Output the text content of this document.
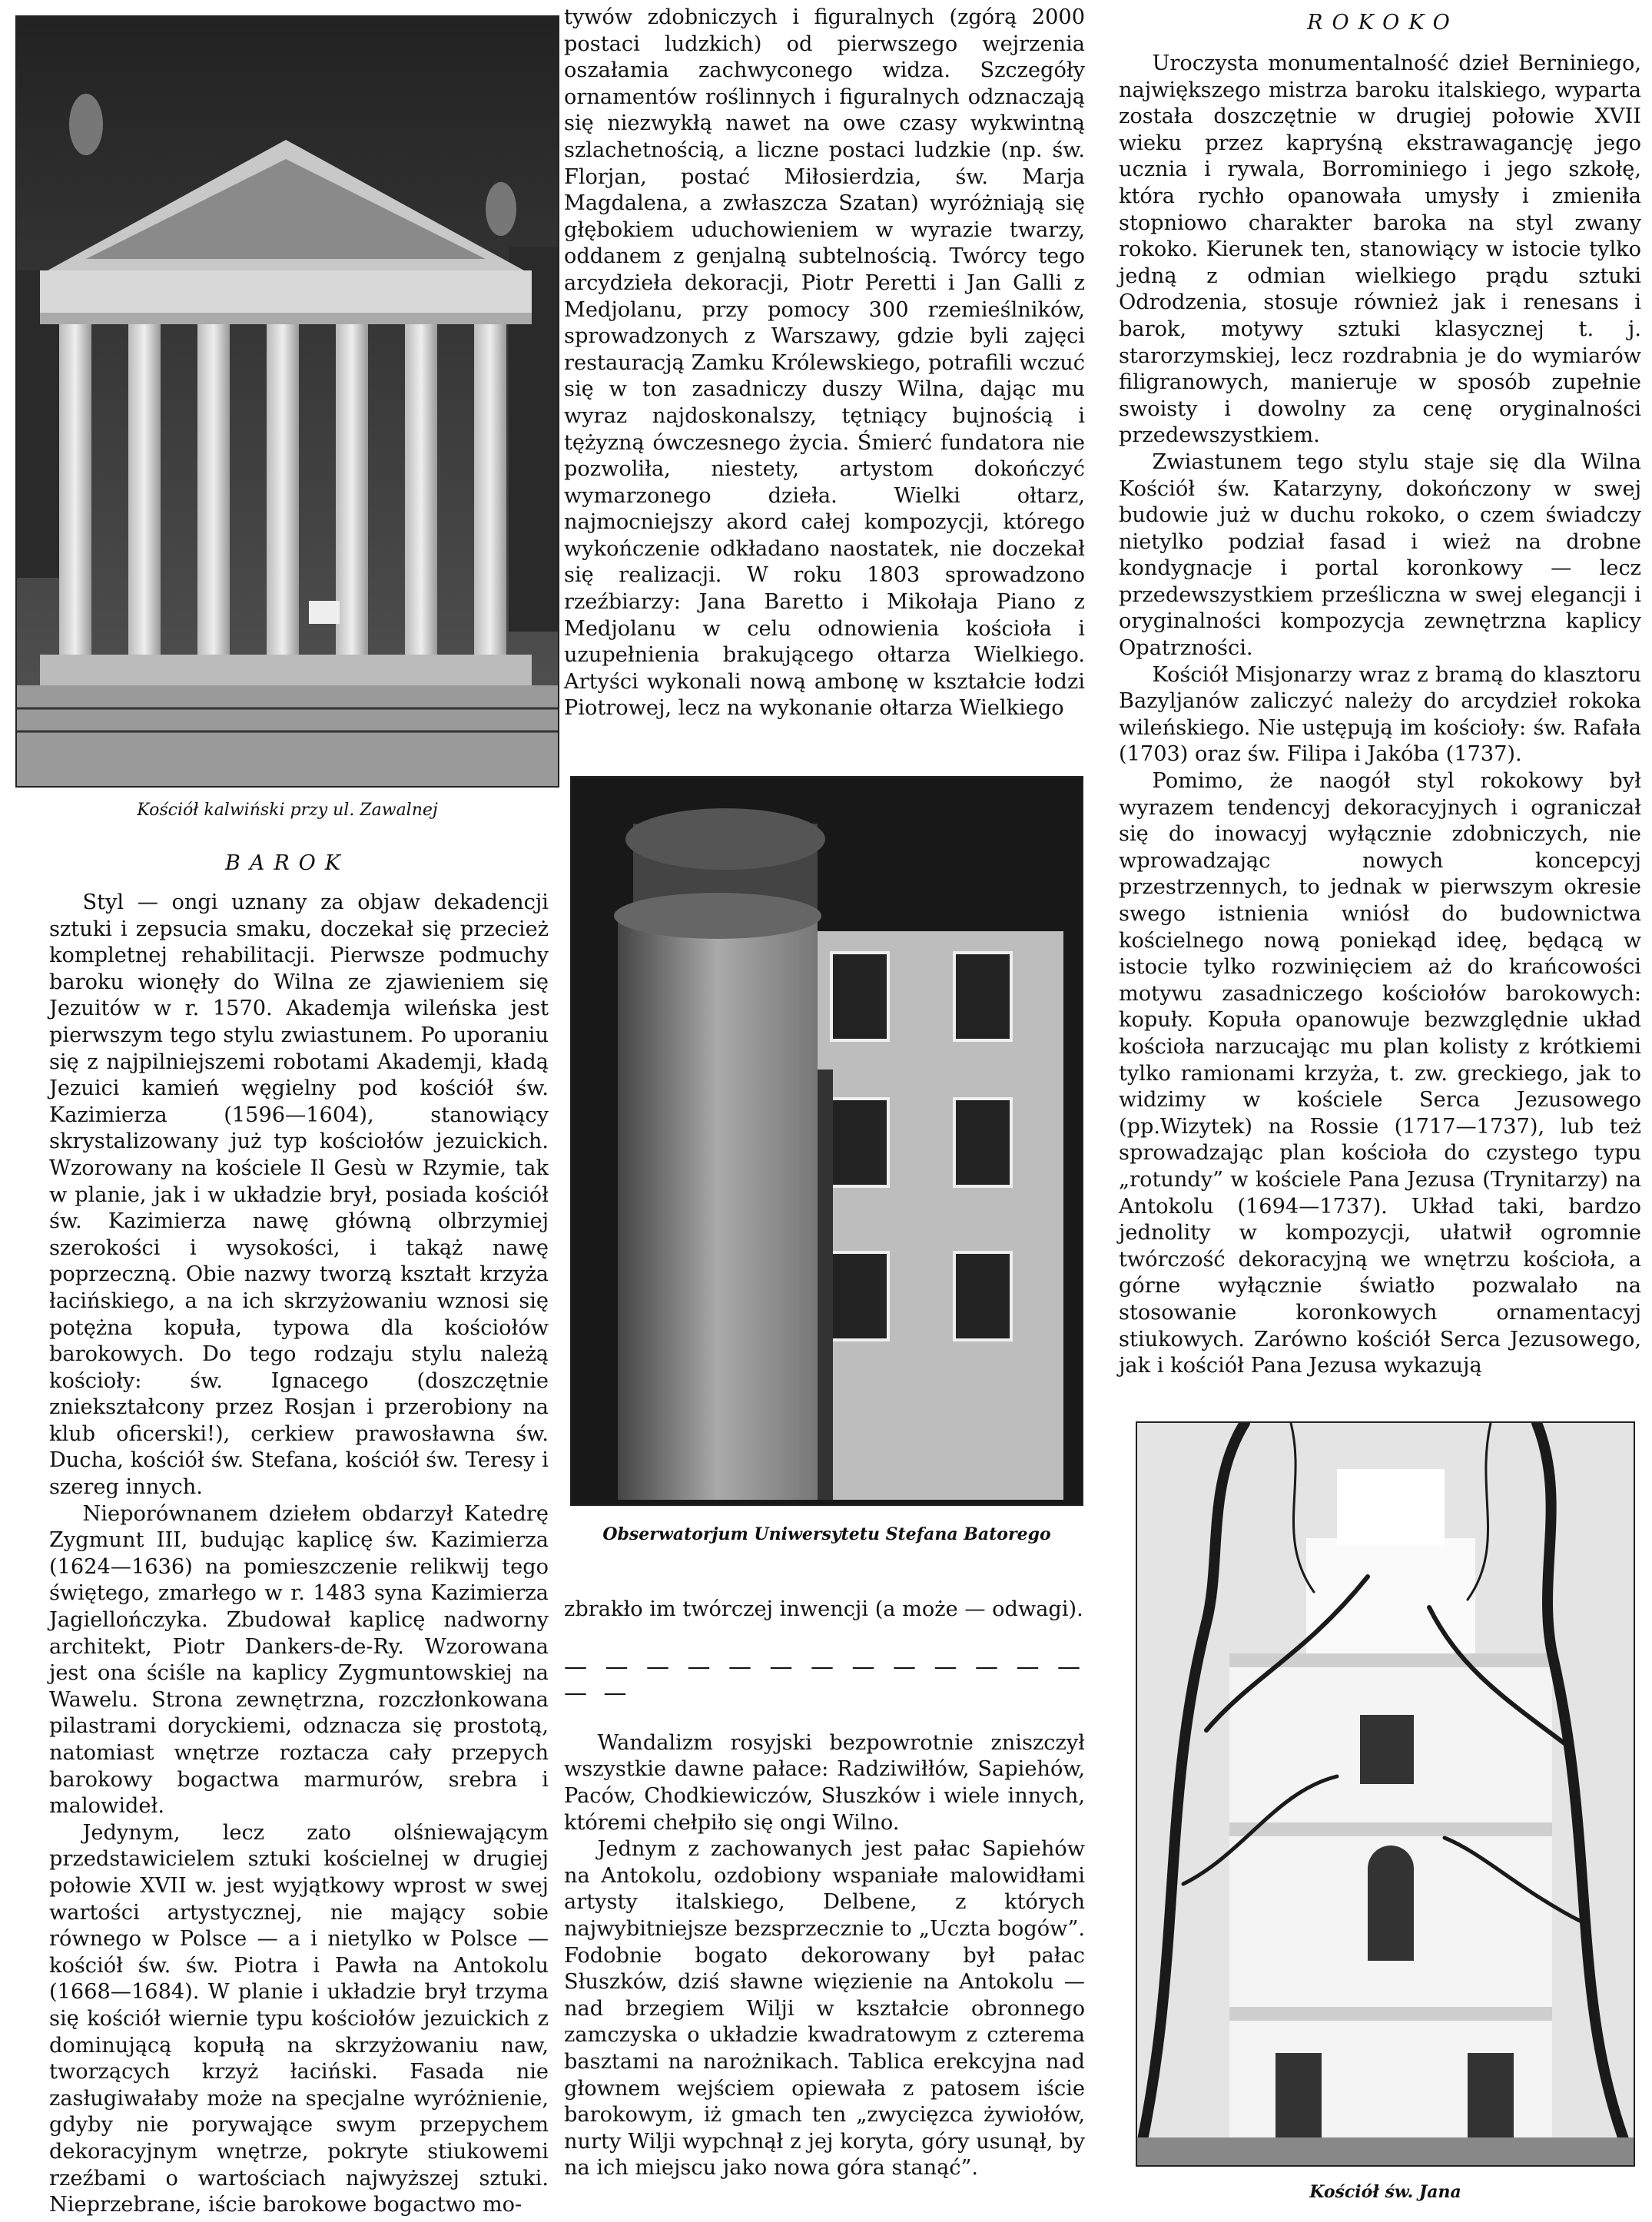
Kościół kalwiński przy ul. Zawalnej
BAROK

Styl — ongi uznany za objaw dekadencji sztuki i zepsucia smaku, doczekał się przecież kompletnej rehabilitacji. Pierwsze podmuchy baroku wionęły do Wilna ze zjawieniem się Jezuitów w r. 1570. Akademja wileńska jest pierwszym tego stylu zwiastunem. Po uporaniu się z najpilniejszemi robotami Akademji, kładą Jezuici kamień węgielny pod kościół św. Kazimierza (1596—1604), stanowiący skrystalizowany już typ kościołów jezuickich. Wzorowany na kościele Il Gesù w Rzymie, tak w planie, jak i w układzie brył, posiada kościół św. Kazimierza nawę główną olbrzymiej szerokości i wysokości, i takąż nawę poprzeczną. Obie nazwy tworzą kształt krzyża łacińskiego, a na ich skrzyżowaniu wznosi się potężna kopuła, typowa dla kościołów barokowych. Do tego rodzaju stylu należą kościoły: św. Ignacego (doszczętnie zniekształcony przez Rosjan i przerobiony na klub oficerski!), cerkiew prawosławna św. Ducha, kościół św. Stefana, kościół św. Teresy i szereg innych.

Nieporównanem dziełem obdarzył Katedrę Zygmunt III, budując kaplicę św. Kazimierza (1624—1636) na pomieszczenie relikwij tego świętego, zmarłego w r. 1483 syna Kazimierza Jagiellończyka. Zbudował kaplicę nadworny architekt, Piotr Dankers-de-Ry. Wzorowana jest ona ściśle na kaplicy Zygmuntowskiej na Wawelu. Strona zewnętrzna, rozczłonkowana pilastrami doryckiemi, odznacza się prostotą, natomiast wnętrze roztacza cały przepych barokowy bogactwa marmurów, srebra i malowideł.

Jedynym, lecz zato olśniewającym przedstawicielem sztuki kościelnej w drugiej połowie XVII w. jest wyjątkowy wprost w swej wartości artystycznej, nie mający sobie równego w Polsce — a i nietylko w Polsce — kościół św. św. Piotra i Pawła na Antokolu (1668—1684). W planie i układzie brył trzyma się kościół wiernie typu kościołów jezuickich z dominującą kopułą na skrzyżowaniu naw, tworzących krzyż łaciński. Fasada nie zasługiwałaby może na specjalne wyróżnienie, gdyby nie porywające swym przepychem dekoracyjnym wnętrze, pokryte stiukowemi rzeźbami o wartościach najwyższej sztuki. Nieprzebrane, iście barokowe bogactwo mo-

tywów zdobniczych i figuralnych (zgórą 2000 postaci ludzkich) od pierwszego wejrzenia oszałamia zachwyconego widza. Szczegóły ornamentów roślinnych i figuralnych odznaczają się niezwykłą nawet na owe czasy wykwintną szlachetnością, a liczne postaci ludzkie (np. św. Florjan, postać Miłosierdzia, św. Marja Magdalena, a zwłaszcza Szatan) wyróżniają się głębokiem uduchowieniem w wyrazie twarzy, oddanem z genjalną subtelnością. Twórcy tego arcydzieła dekoracji, Piotr Peretti i Jan Galli z Medjolanu, przy pomocy 300 rzemieślników, sprowadzonych z Warszawy, gdzie byli zajęci restauracją Zamku Królewskiego, potrafili wczuć się w ton zasadniczy duszy Wilna, dając mu wyraz najdoskonalszy, tętniący bujnością i tężyzną ówczesnego życia. Śmierć fundatora nie pozwoliła, niestety, artystom dokończyć wymarzonego dzieła. Wielki ołtarz, najmocniejszy akord całej kompozycji, którego wykończenie odkładano naostatek, nie doczekał się realizacji. W roku 1803 sprowadzono rzeźbiarzy: Jana Baretto i Mikołaja Piano z Medjolanu w celu odnowienia kościoła i uzupełnienia brakującego ołtarza Wielkiego. Artyści wykonali nową ambonę w kształcie łodzi Piotrowej, lecz na wykonanie ołtarza Wielkiego

Obserwatorjum Uniwersytetu Stefana Batorego

zbrakło im twórczej inwencji (a może — odwagi).

— — — — — — — — — — — — — — —

Wandalizm rosyjski bezpowrotnie zniszczył wszystkie dawne pałace: Radziwiłłów, Sapiehów, Paców, Chodkiewiczów, Słuszków i wiele innych, któremi chełpiło się ongi Wilno.

Jednym z zachowanych jest pałac Sapiehów na Antokolu, ozdobiony wspaniałe malowidłami artysty italskiego, Delbene, z których najwybitniejsze bezsprzecznie to „Uczta bogów”. Fodobnie bogato dekorowany był pałac Słuszków, dziś sławne więzienie na Antokolu — nad brzegiem Wilji w kształcie obronnego zamczyska o układzie kwadratowym z czterema basztami na narożnikach. Tablica erekcyjna nad głownem wejściem opiewała z patosem iście barokowym, iż gmach ten „zwycięzca żywiołów, nurty Wilji wypchnął z jej koryta, góry usunął, by na ich miejscu jako nowa góra stanąć”.

ROKOKO

Uroczysta monumentalność dzieł Berniniego, największego mistrza baroku italskiego, wyparta została doszczętnie w drugiej połowie XVII wieku przez kapryśną ekstrawagancję jego ucznia i rywala, Borrominiego i jego szkołę, która rychło opanowała umysły i zmieniła stopniowo charakter baroka na styl zwany rokoko. Kierunek ten, stanowiący w istocie tylko jedną z odmian wielkiego prądu sztuki Odrodzenia, stosuje również jak i renesans i barok, motywy sztuki klasycznej t. j. starorzymskiej, lecz rozdrabnia je do wymiarów filigranowych, manieruje w sposób zupełnie swoisty i dowolny za cenę oryginalności przedewszystkiem.

Zwiastunem tego stylu staje się dla Wilna Kościół św. Katarzyny, dokończony w swej budowie już w duchu rokoko, o czem świadczy nietylko podział fasad i wież na drobne kondygnacje i portal koronkowy — lecz przedewszystkiem prześliczna w swej elegancji i oryginalności kompozycja zewnętrzna kaplicy Opatrzności.

Kościół Misjonarzy wraz z bramą do klasztoru Bazyljanów zaliczyć należy do arcydzieł rokoka wileńskiego. Nie ustępują im kościoły: św. Rafała (1703) oraz św. Filipa i Jakóba (1737).

Pomimo, że naogół styl rokokowy był wyrazem tendencyj dekoracyjnych i ograniczał się do inowacyj wyłącznie zdobniczych, nie wprowadzając nowych koncepcyj przestrzennych, to jednak w pierwszym okresie swego istnienia wniósł do budownictwa kościelnego nową poniekąd ideę, będącą w istocie tylko rozwinięciem aż do krańcowości motywu zasadniczego kościołów barokowych: kopuły. Kopuła opanowuje bezwzględnie układ kościoła narzucając mu plan kolisty z krótkiemi tylko ramionami krzyża, t. zw. greckiego, jak to widzimy w kościele Serca Jezusowego (pp.Wizytek) na Rossie (1717—1737), lub też sprowadzając plan kościoła do czystego typu „rotundy” w kościele Pana Jezusa (Trynitarzy) na Antokolu (1694—1737). Układ taki, bardzo jednolity w kompozycji, ułatwił ogromnie twórczość dekoracyjną we wnętrzu kościoła, a górne wyłącznie światło pozwalało na stosowanie koronkowych ornamentacyj stiukowych. Zarówno kościół Serca Jezusowego, jak i kościół Pana Jezusa wykazują

Kościół św. Jana
